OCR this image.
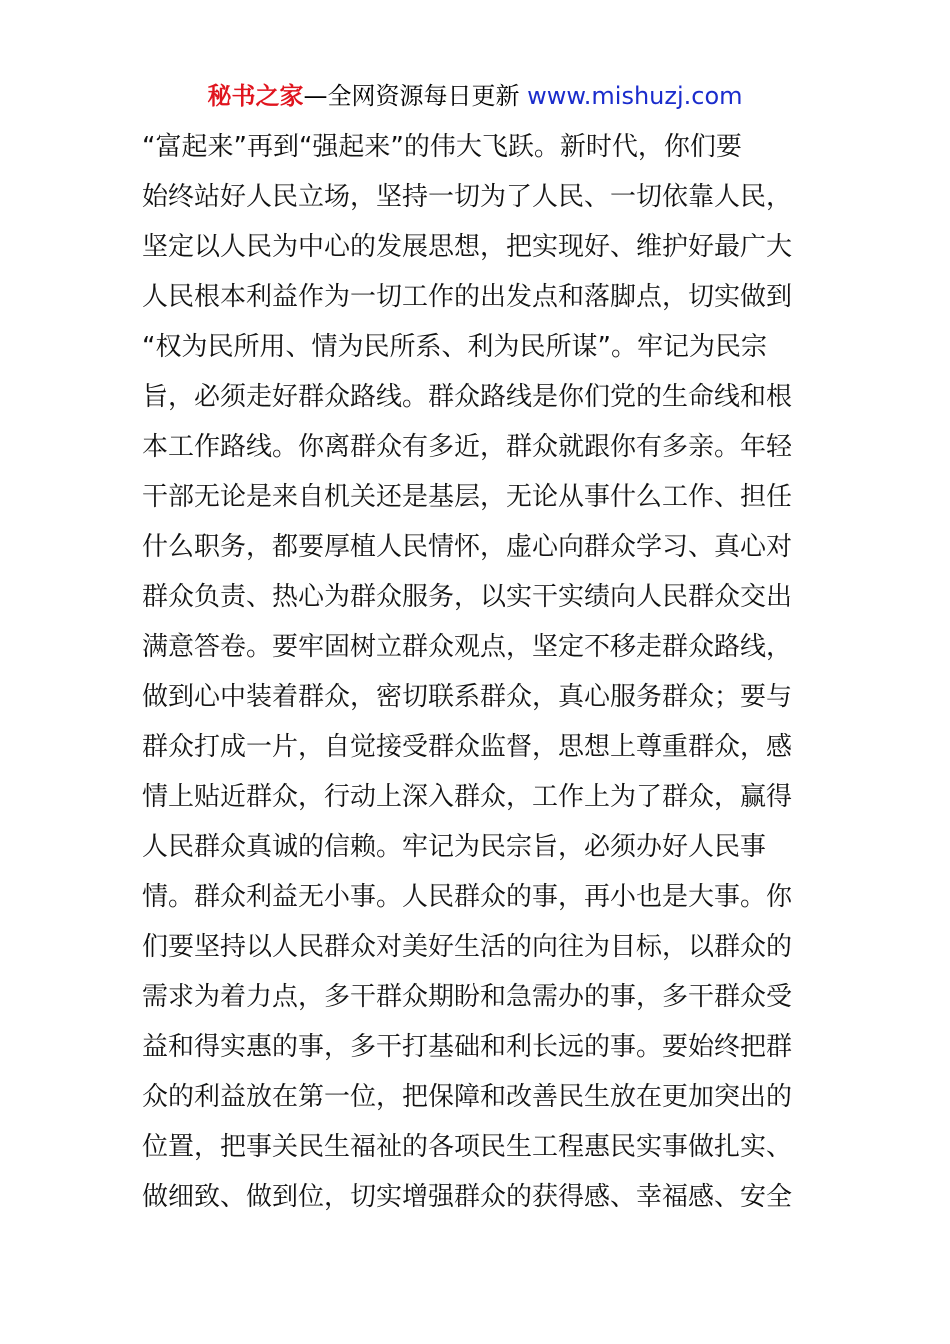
秘书之家—全网资源每日更新 www.mishuzj.com
“富起来”再到“强起来”的伟大飞跃。新时代，你们要
始终站好人民立场，坚持一切为了人民、一切依靠人民，
坚定以人民为中心的发展思想，把实现好、维护好最广大
人民根本利益作为一切工作的出发点和落脚点，切实做到
“权为民所用、情为民所系、利为民所谋”。牢记为民宗
旨，必须走好群众路线。群众路线是你们党的生命线和根
本工作路线。你离群众有多近，群众就跟你有多亲。年轻
干部无论是来自机关还是基层，无论从事什么工作、担任
什么职务，都要厚植人民情怀，虚心向群众学习、真心对
群众负责、热心为群众服务，以实干实绩向人民群众交出
满意答卷。要牢固树立群众观点，坚定不移走群众路线，
做到心中装着群众，密切联系群众，真心服务群众；要与
群众打成一片，自觉接受群众监督，思想上尊重群众，感
情上贴近群众，行动上深入群众，工作上为了群众，赢得
人民群众真诚的信赖。牢记为民宗旨，必须办好人民事
情。群众利益无小事。人民群众的事，再小也是大事。你
们要坚持以人民群众对美好生活的向往为目标，以群众的
需求为着力点，多干群众期盼和急需办的事，多干群众受
益和得实惠的事，多干打基础和利长远的事。要始终把群
众的利益放在第一位，把保障和改善民生放在更加突出的
位置，把事关民生福祉的各项民生工程惠民实事做扎实、
做细致、做到位，切实增强群众的获得感、幸福感、安全
